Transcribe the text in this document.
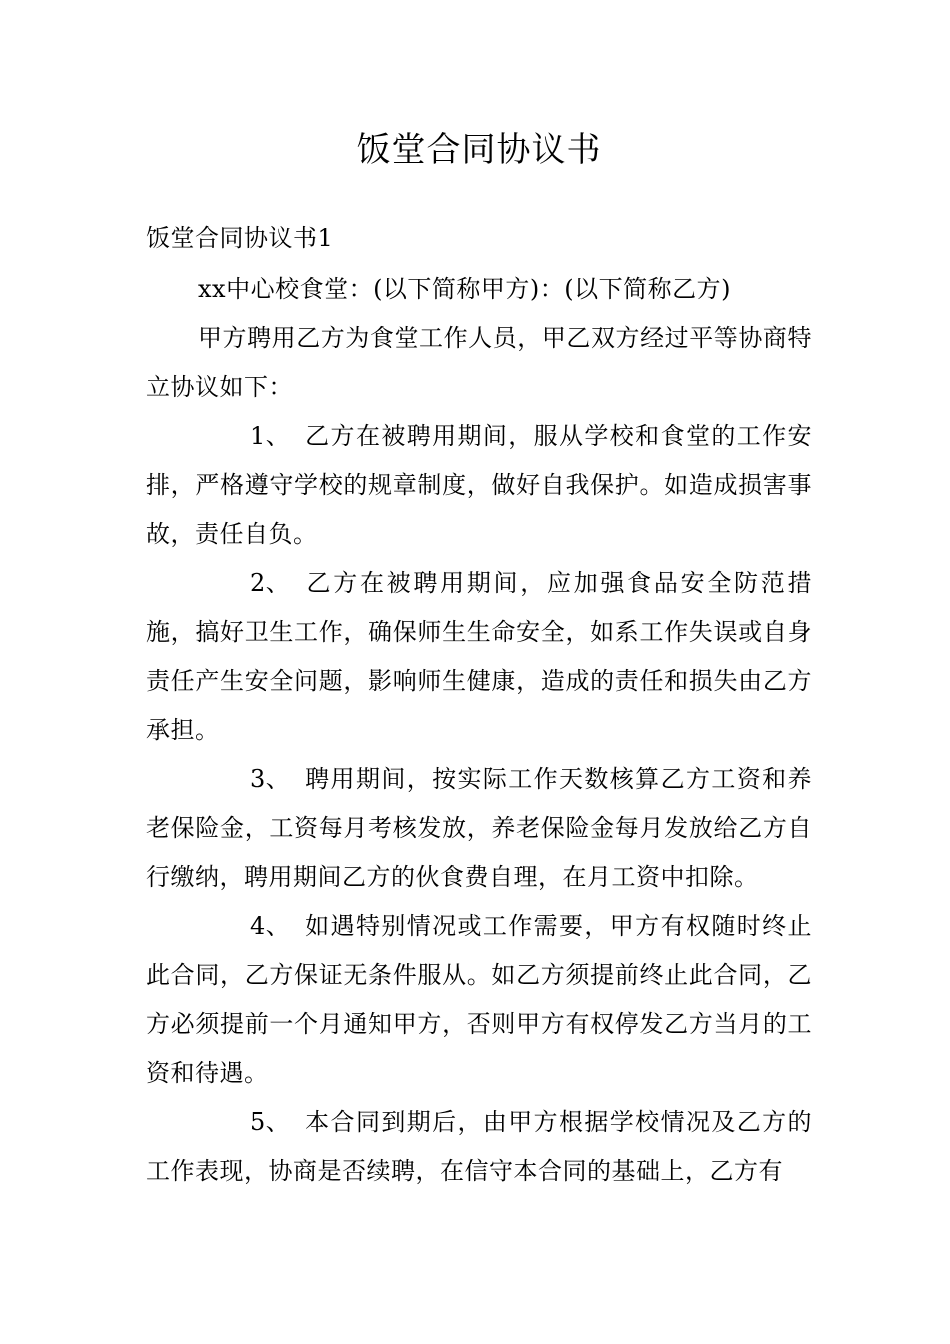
饭堂合同协议书

饭堂合同协议书1

xx中心校食堂：(以下简称甲方)：(以下简称乙方)

甲方聘用乙方为食堂工作人员，甲乙双方经过平等协商特立协议如下：

1、 乙方在被聘用期间，服从学校和食堂的工作安排，严格遵守学校的规章制度，做好自我保护。如造成损害事故，责任自负。

2、 乙方在被聘用期间，应加强食品安全防范措施，搞好卫生工作，确保师生生命安全，如系工作失误或自身责任产生安全问题，影响师生健康，造成的责任和损失由乙方承担。

3、 聘用期间，按实际工作天数核算乙方工资和养老保险金，工资每月考核发放，养老保险金每月发放给乙方自行缴纳，聘用期间乙方的伙食费自理，在月工资中扣除。

4、 如遇特别情况或工作需要，甲方有权随时终止此合同，乙方保证无条件服从。如乙方须提前终止此合同，乙方必须提前一个月通知甲方，否则甲方有权停发乙方当月的工资和待遇。

5、 本合同到期后，由甲方根据学校情况及乙方的工作表现，协商是否续聘，在信守本合同的基础上，乙方有
